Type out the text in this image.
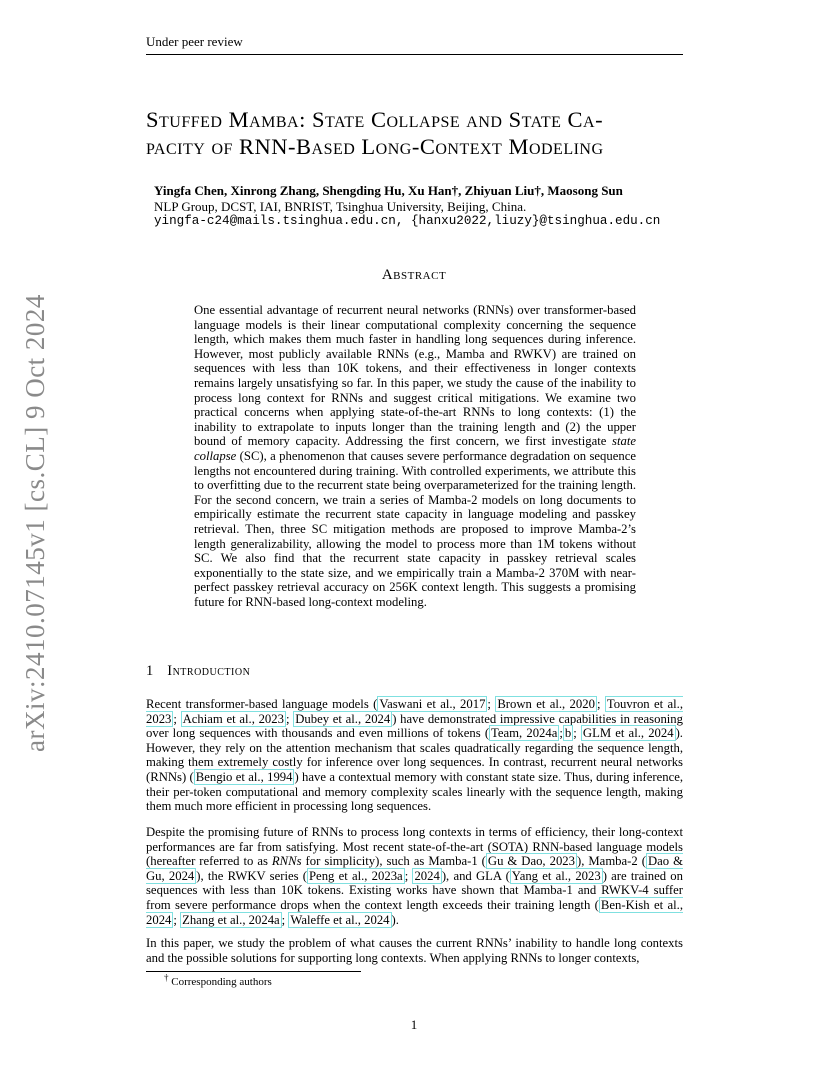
Under peer review
arXiv:2410.07145v1 [cs.CL] 9 Oct 2024
Stuffed Mamba: State Collapse and State Ca-
pacity of RNN-Based Long-Context Modeling
Yingfa Chen, Xinrong Zhang, Shengding Hu, Xu Han†, Zhiyuan Liu†, Maosong Sun
NLP Group, DCST, IAI, BNRIST, Tsinghua University, Beijing, China.
yingfa-c24@mails.tsinghua.edu.cn, {hanxu2022,liuzy}@tsinghua.edu.cn
Abstract
One essential advantage of recurrent neural networks (RNNs) over transformer-based language models is their linear computational complexity concerning the sequence length, which makes them much faster in handling long sequences during inference. However, most publicly available RNNs (e.g., Mamba and RWKV) are trained on sequences with less than 10K tokens, and their effectiveness in longer contexts remains largely unsatisfying so far. In this paper, we study the cause of the inability to process long context for RNNs and suggest critical mitigations. We examine two practical concerns when applying state-of-the-art RNNs to long contexts: (1) the inability to extrapolate to inputs longer than the training length and (2) the upper bound of memory capacity. Addressing the first concern, we first investigate state collapse (SC), a phenomenon that causes severe performance degradation on sequence lengths not encountered during training. With controlled experiments, we attribute this to overfitting due to the recurrent state being overparameterized for the training length. For the second concern, we train a series of Mamba-2 models on long documents to empirically estimate the recurrent state capacity in language modeling and passkey retrieval. Then, three SC mitigation methods are proposed to improve Mamba-2’s length generalizability, allowing the model to process more than 1M tokens without SC. We also find that the recurrent state capacity in passkey retrieval scales exponentially to the state size, and we empirically train a Mamba-2 370M with near-perfect passkey retrieval accuracy on 256K context length. This suggests a promising future for RNN-based long-context modeling.
1 Introduction
Recent transformer-based language models ( Vaswani et al., 2017 ; Brown et al., 2020 ; Touvron et al., 2023 ; Achiam et al., 2023 ; Dubey et al., 2024 ) have demonstrated impressive capabilities in reasoning over long sequences with thousands and even millions of tokens ( Team, 2024a ; b ; GLM et al., 2024 ). However, they rely on the attention mechanism that scales quadratically regarding the sequence length, making them extremely costly for inference over long sequences. In contrast, recurrent neural networks (RNNs) ( Bengio et al., 1994 ) have a contextual memory with constant state size. Thus, during inference, their per-token computational and memory complexity scales linearly with the sequence length, making them much more efficient in processing long sequences.
Despite the promising future of RNNs to process long contexts in terms of efficiency, their long-context performances are far from satisfying. Most recent state-of-the-art (SOTA) RNN-based language models (hereafter referred to as RNNs for simplicity), such as Mamba-1 ( Gu & Dao, 2023 ), Mamba-2 ( Dao & Gu, 2024 ), the RWKV series ( Peng et al., 2023a ; 2024 ), and GLA ( Yang et al., 2023 ) are trained on sequences with less than 10K tokens. Existing works have shown that Mamba-1 and RWKV-4 suffer from severe performance drops when the context length exceeds their training length ( Ben-Kish et al., 2024 ; Zhang et al., 2024a ; Waleffe et al., 2024 ).
In this paper, we study the problem of what causes the current RNNs’ inability to handle long contexts and the possible solutions for supporting long contexts. When applying RNNs to longer contexts,
† Corresponding authors
1
